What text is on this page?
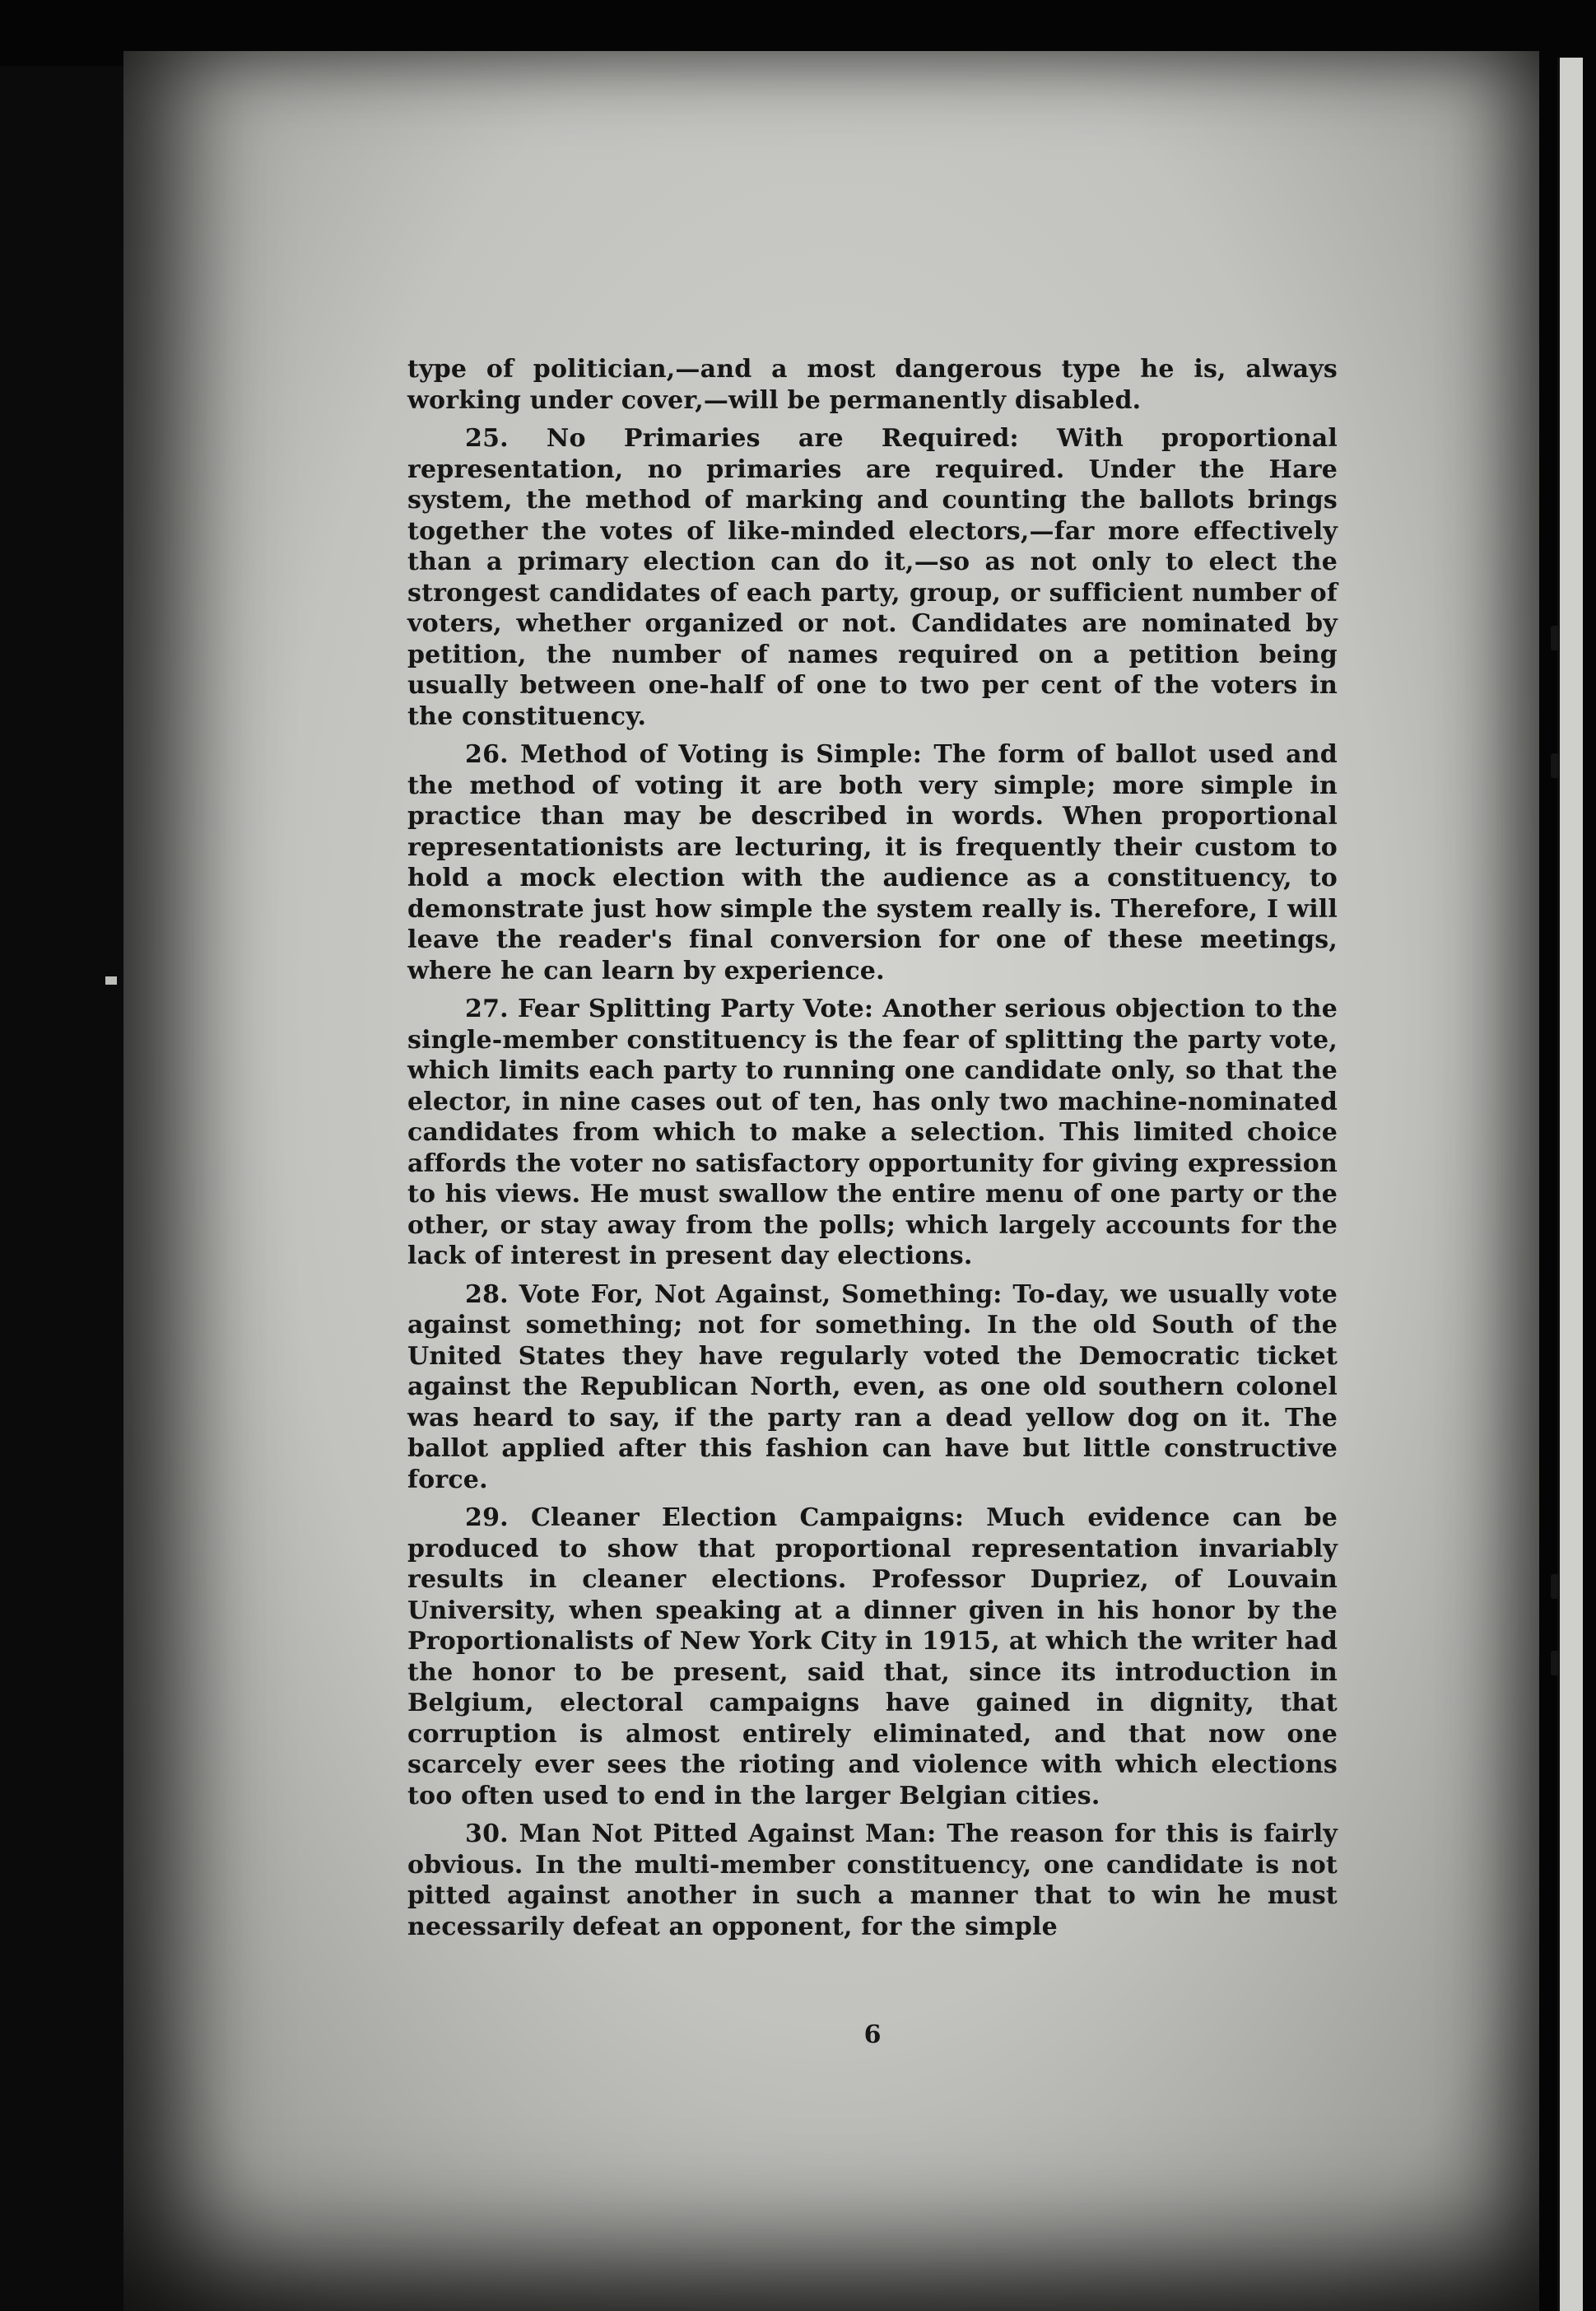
type of politician,—and a most dangerous type he is, always working under cover,—will be permanently disabled.

25. No Primaries are Required: With proportional representation, no primaries are required. Under the Hare system, the method of marking and counting the ballots brings together the votes of like-minded electors,—far more effectively than a primary election can do it,—so as not only to elect the strongest candidates of each party, group, or sufficient number of voters, whether organized or not. Candidates are nominated by petition, the number of names required on a petition being usually between one-half of one to two per cent of the voters in the constituency.

26. Method of Voting is Simple: The form of ballot used and the method of voting it are both very simple; more simple in practice than may be described in words. When proportional representationists are lecturing, it is frequently their custom to hold a mock election with the audience as a constituency, to demonstrate just how simple the system really is. Therefore, I will leave the reader's final conversion for one of these meetings, where he can learn by experience.

27. Fear Splitting Party Vote: Another serious objection to the single-member constituency is the fear of splitting the party vote, which limits each party to running one candidate only, so that the elector, in nine cases out of ten, has only two machine-nominated candidates from which to make a selection. This limited choice affords the voter no satisfactory opportunity for giving expression to his views. He must swallow the entire menu of one party or the other, or stay away from the polls; which largely accounts for the lack of interest in present day elections.

28. Vote For, Not Against, Something: To-day, we usually vote against something; not for something. In the old South of the United States they have regularly voted the Democratic ticket against the Republican North, even, as one old southern colonel was heard to say, if the party ran a dead yellow dog on it. The ballot applied after this fashion can have but little constructive force.

29. Cleaner Election Campaigns: Much evidence can be produced to show that proportional representation invariably results in cleaner elections. Professor Dupriez, of Louvain University, when speaking at a dinner given in his honor by the Proportionalists of New York City in 1915, at which the writer had the honor to be present, said that, since its introduction in Belgium, electoral campaigns have gained in dignity, that corruption is almost entirely eliminated, and that now one scarcely ever sees the rioting and violence with which elections too often used to end in the larger Belgian cities.

30. Man Not Pitted Against Man: The reason for this is fairly obvious. In the multi-member constituency, one candidate is not pitted against another in such a manner that to win he must necessarily defeat an opponent, for the simple

6
